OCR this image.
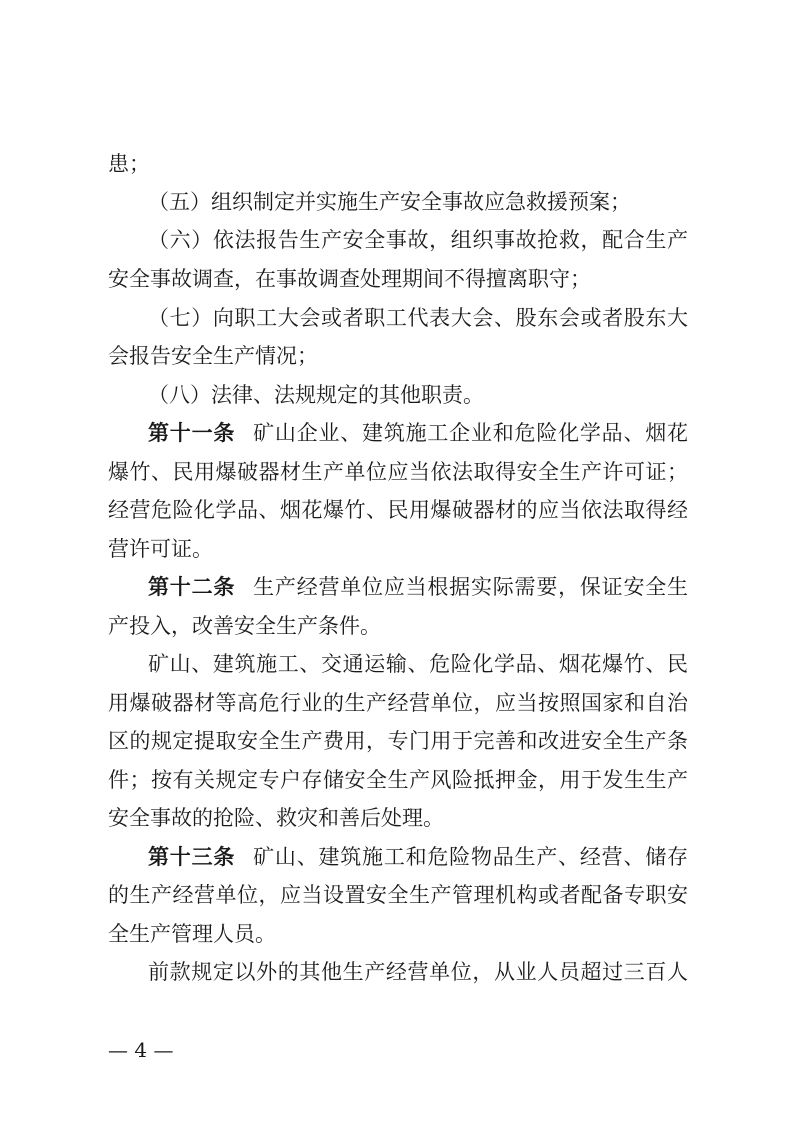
患；
（五）组织制定并实施生产安全事故应急救援预案；
（六）依法报告生产安全事故，组织事故抢救，配合生产
安全事故调查，在事故调查处理期间不得擅离职守；
（七）向职工大会或者职工代表大会、股东会或者股东大
会报告安全生产情况；
（八）法律、法规规定的其他职责。
第十一条 矿山企业、建筑施工企业和危险化学品、烟花
爆竹、民用爆破器材生产单位应当依法取得安全生产许可证；
经营危险化学品、烟花爆竹、民用爆破器材的应当依法取得经
营许可证。
第十二条 生产经营单位应当根据实际需要，保证安全生
产投入，改善安全生产条件。
矿山、建筑施工、交通运输、危险化学品、烟花爆竹、民
用爆破器材等高危行业的生产经营单位，应当按照国家和自治
区的规定提取安全生产费用，专门用于完善和改进安全生产条
件；按有关规定专户存储安全生产风险抵押金，用于发生生产
安全事故的抢险、救灾和善后处理。
第十三条 矿山、建筑施工和危险物品生产、经营、储存
的生产经营单位，应当设置安全生产管理机构或者配备专职安
全生产管理人员。
前款规定以外的其他生产经营单位，从业人员超过三百人
— 4 —
